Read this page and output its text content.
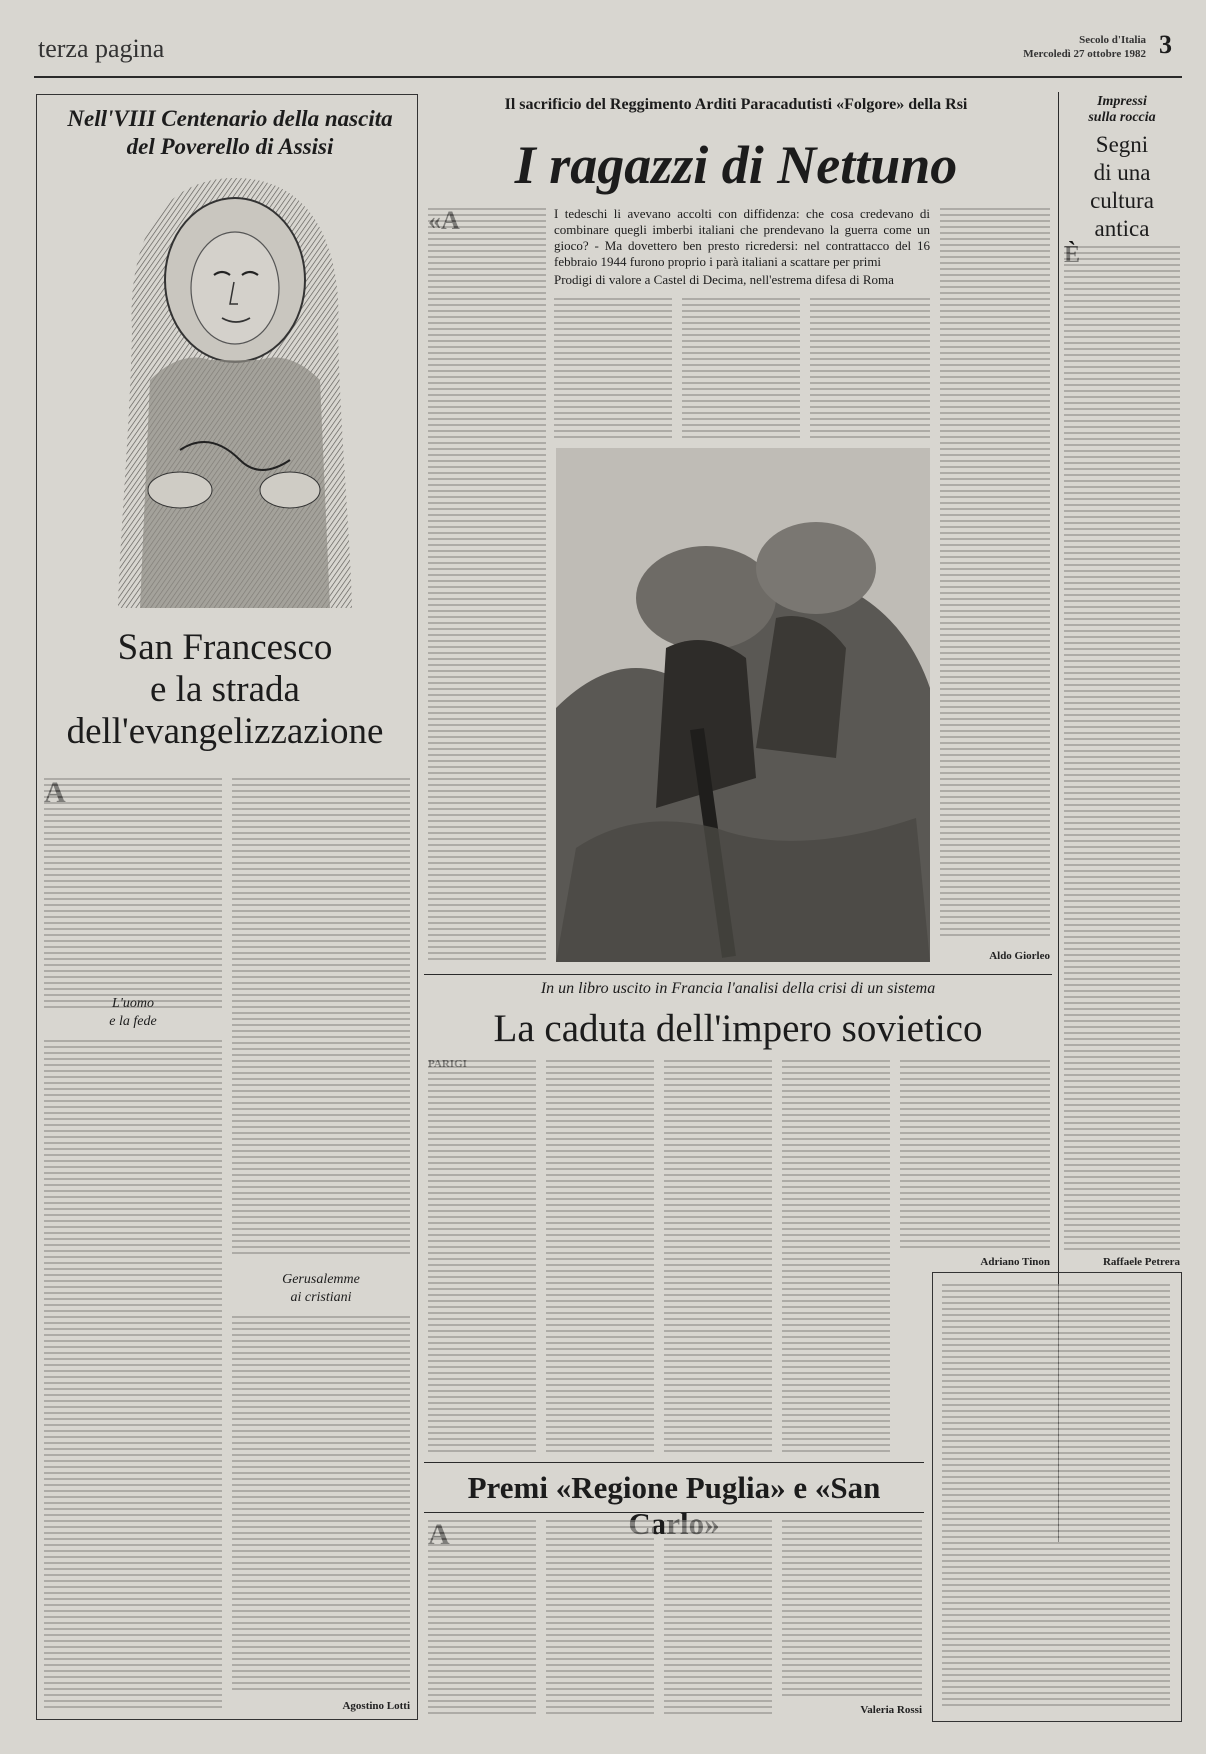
terza pagina	Secolo d'Italia
Mercoledì 27 ottobre 1982 3
Nell'VIII Centenario della nascita
del Poverello di Assisi
San Francesco
e la strada
dell'evangelizzazione
L'uomo
e la fede
Gerusalemme
ai cristiani
Agostino Lotti
Il sacrificio del Reggimento Arditi Paracadutisti «Folgore» della Rsi
I ragazzi di Nettuno
I tedeschi li avevano accolti con diffidenza: che cosa credevano di combinare quegli imberbi italiani che prendevano la guerra come un gioco? - Ma dovettero ben presto ricredersi: nel contrattacco del 16 febbraio 1944 furono proprio i parà italiani a scattare per primi
Prodigi di valore a Castel di Decima, nell'estrema difesa di Roma
Aldo Giorleo
Impressi
sulla roccia
Segni
di una
cultura
antica
Raffaele Petrera
In un libro uscito in Francia l'analisi della crisi di un sistema
La caduta dell'impero sovietico
Adriano Tinon
Premi «Regione Puglia» e «San
Valeria Rossi
